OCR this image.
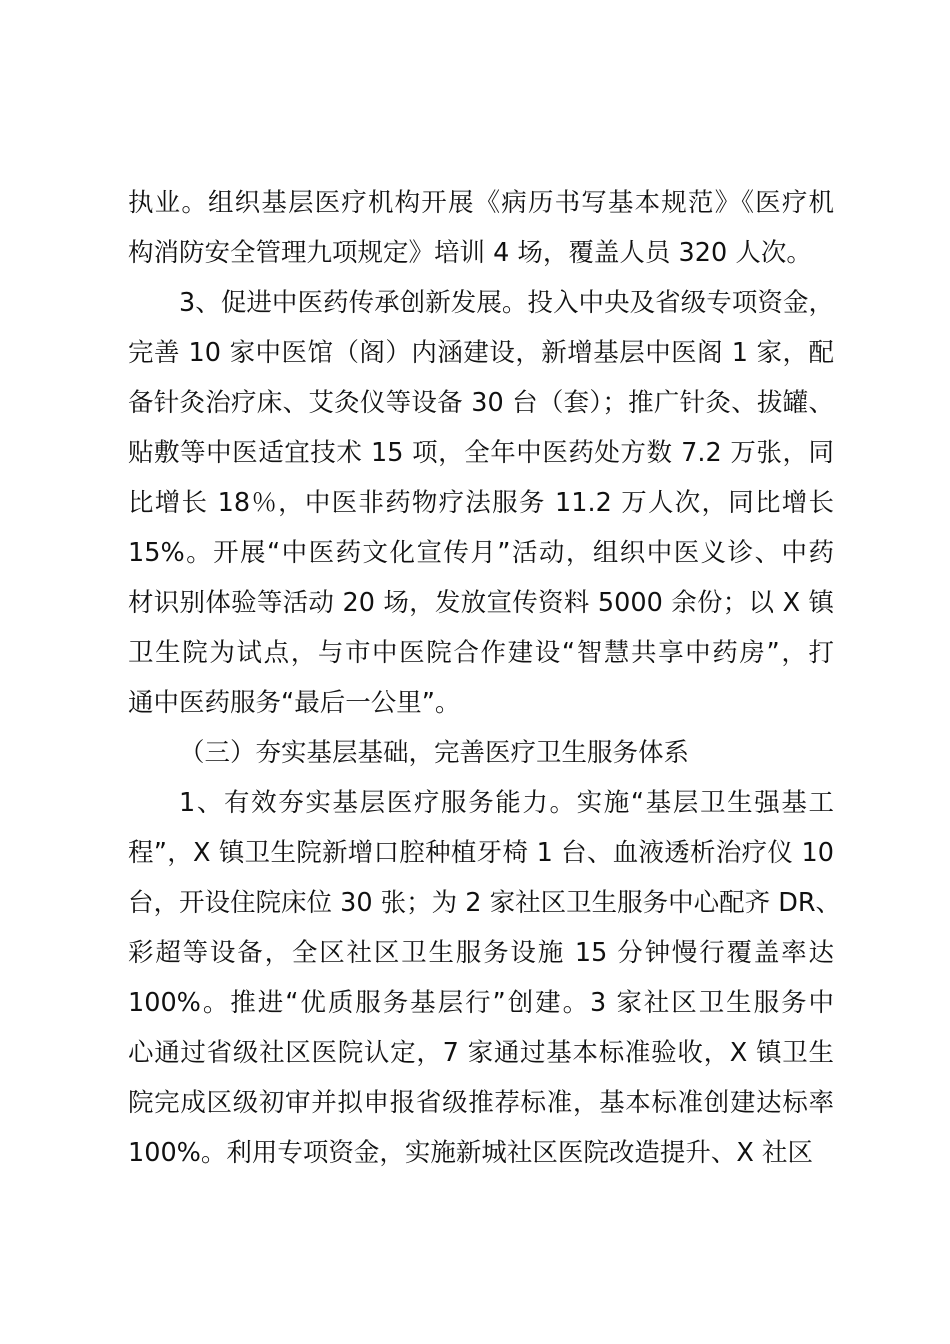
执业。组织基层医疗机构开展《病历书写基本规范》《医疗机
构消防安全管理九项规定》培训 4 场，覆盖人员 320 人次。
3、促进中医药传承创新发展。投入中央及省级专项资金，
完善 10 家中医馆（阁）内涵建设，新增基层中医阁 1 家，配
备针灸治疗床、艾灸仪等设备 30 台（套）；推广针灸、拔罐、
贴敷等中医适宜技术 15 项，全年中医药处方数 7.2 万张，同
比增长 18％，中医非药物疗法服务 11.2 万人次，同比增长
15%。开展“中医药文化宣传月”活动，组织中医义诊、中药
材识别体验等活动 20 场，发放宣传资料 5000 余份；以 X 镇
卫生院为试点，与市中医院合作建设“智慧共享中药房”，打
通中医药服务“最后一公里”。
（三）夯实基层基础，完善医疗卫生服务体系
1、有效夯实基层医疗服务能力。实施“基层卫生强基工
程”，X 镇卫生院新增口腔种植牙椅 1 台、血液透析治疗仪 10
台，开设住院床位 30 张；为 2 家社区卫生服务中心配齐 DR、
彩超等设备，全区社区卫生服务设施 15 分钟慢行覆盖率达
100%。推进“优质服务基层行”创建。3 家社区卫生服务中
心通过省级社区医院认定，7 家通过基本标准验收，X 镇卫生
院完成区级初审并拟申报省级推荐标准，基本标准创建达标率
100%。利用专项资金，实施新城社区医院改造提升、X 社区
